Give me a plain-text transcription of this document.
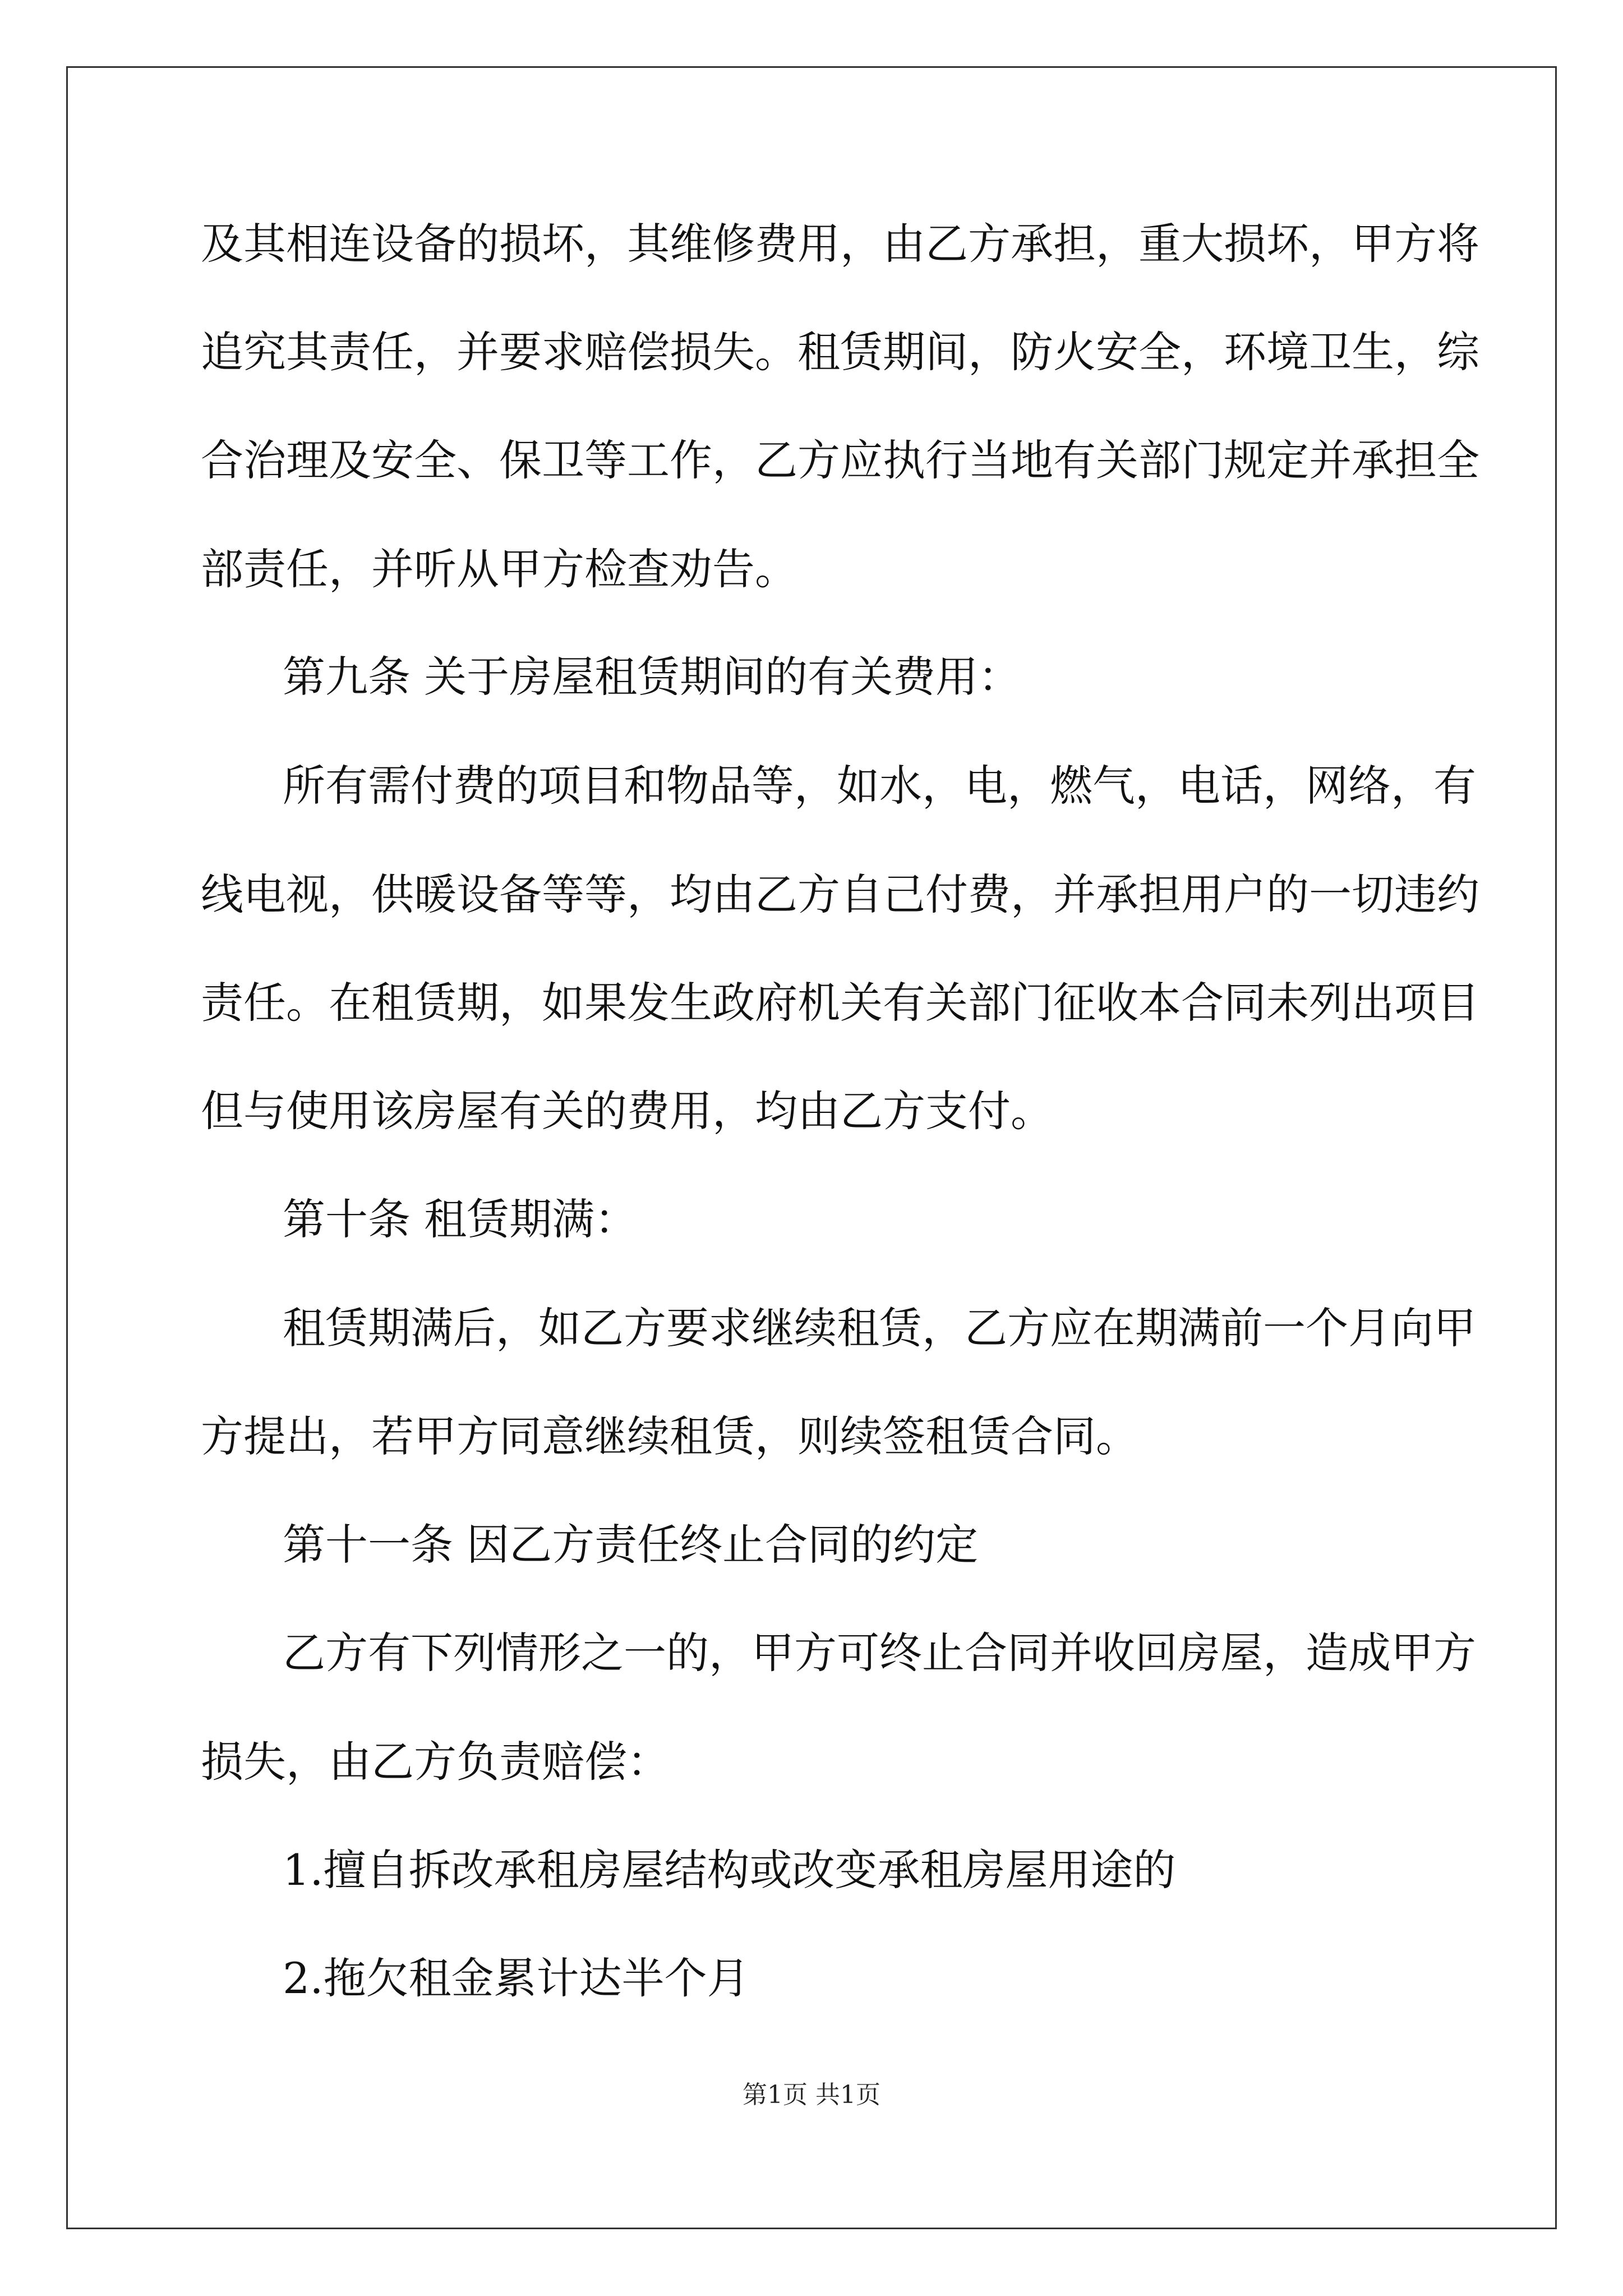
及其相连设备的损坏，其维修费用，由乙方承担，重大损坏，甲方将
追究其责任，并要求赔偿损失。租赁期间，防火安全，环境卫生，综
合治理及安全、保卫等工作，乙方应执行当地有关部门规定并承担全
部责任，并听从甲方检查劝告。
第九条 关于房屋租赁期间的有关费用：
所有需付费的项目和物品等，如水，电，燃气，电话，网络，有
线电视，供暖设备等等，均由乙方自己付费，并承担用户的一切违约
责任。在租赁期，如果发生政府机关有关部门征收本合同未列出项目
但与使用该房屋有关的费用，均由乙方支付。
第十条 租赁期满：
租赁期满后，如乙方要求继续租赁，乙方应在期满前一个月向甲
方提出，若甲方同意继续租赁，则续签租赁合同。
第十一条 因乙方责任终止合同的约定
乙方有下列情形之一的，甲方可终止合同并收回房屋，造成甲方
损失，由乙方负责赔偿：
1.擅自拆改承租房屋结构或改变承租房屋用途的
2.拖欠租金累计达半个月
第1页 共1页
